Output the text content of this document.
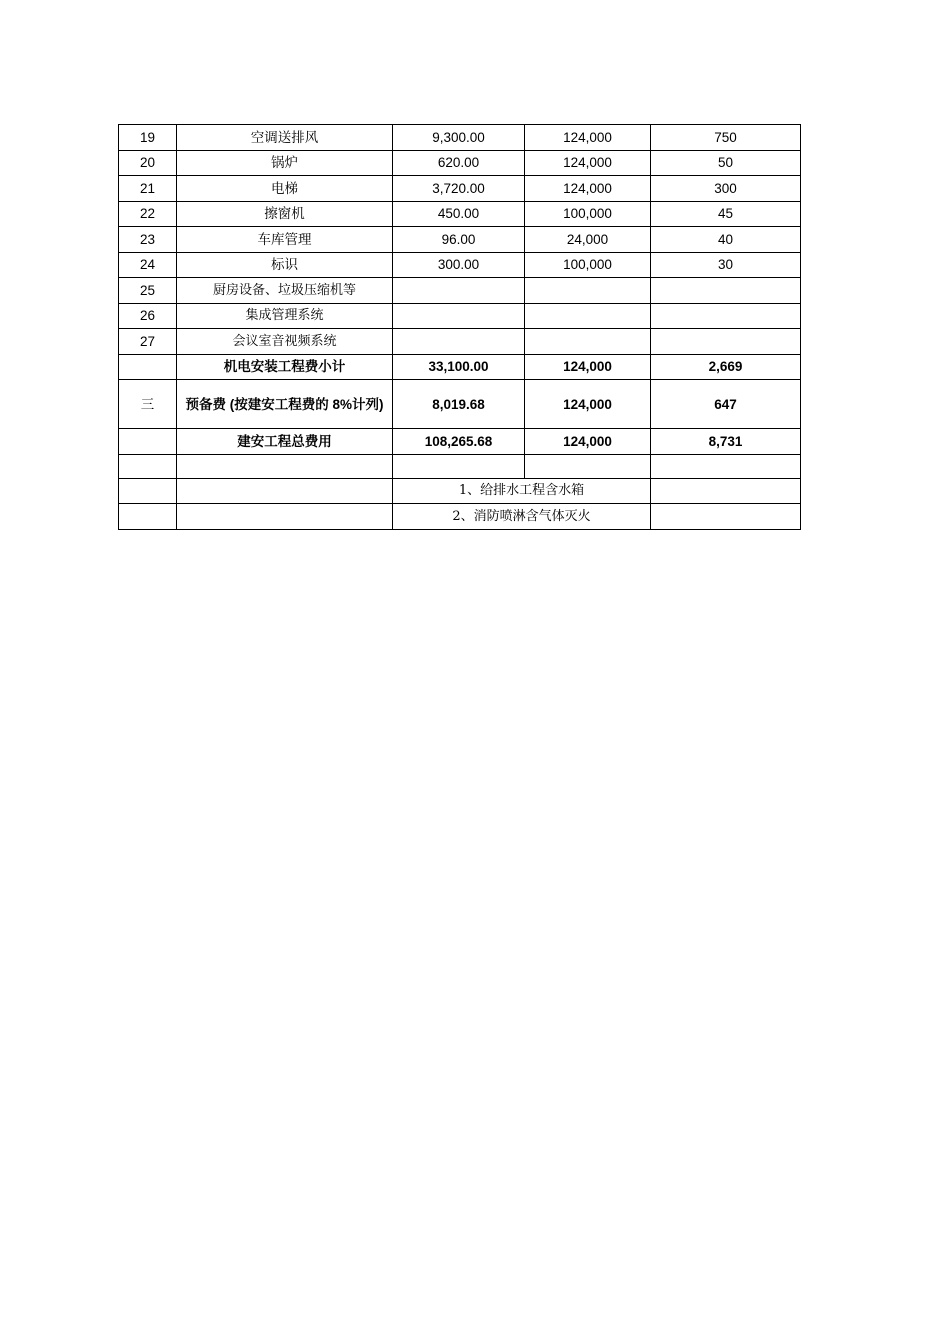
19	空调送排风	9,300.00	124,000	750
20	锅炉	620.00	124,000	50
21	电梯	3,720.00	124,000	300
22	擦窗机	450.00	100,000	45
23	车库管理	96.00	24,000	40
24	标识	300.00	100,000	30
25	厨房设备、垃圾压缩机等			
26	集成管理系统			
27	会议室音视频系统			
	机电安装工程费小计	33,100.00	124,000	2,669
三	预备费 (按建安工程费的 8%计列)	8,019.68	124,000	647
	建安工程总费用	108,265.68	124,000	8,731

		1、给排水工程含水箱		
		2、消防喷淋含气体灭火		
